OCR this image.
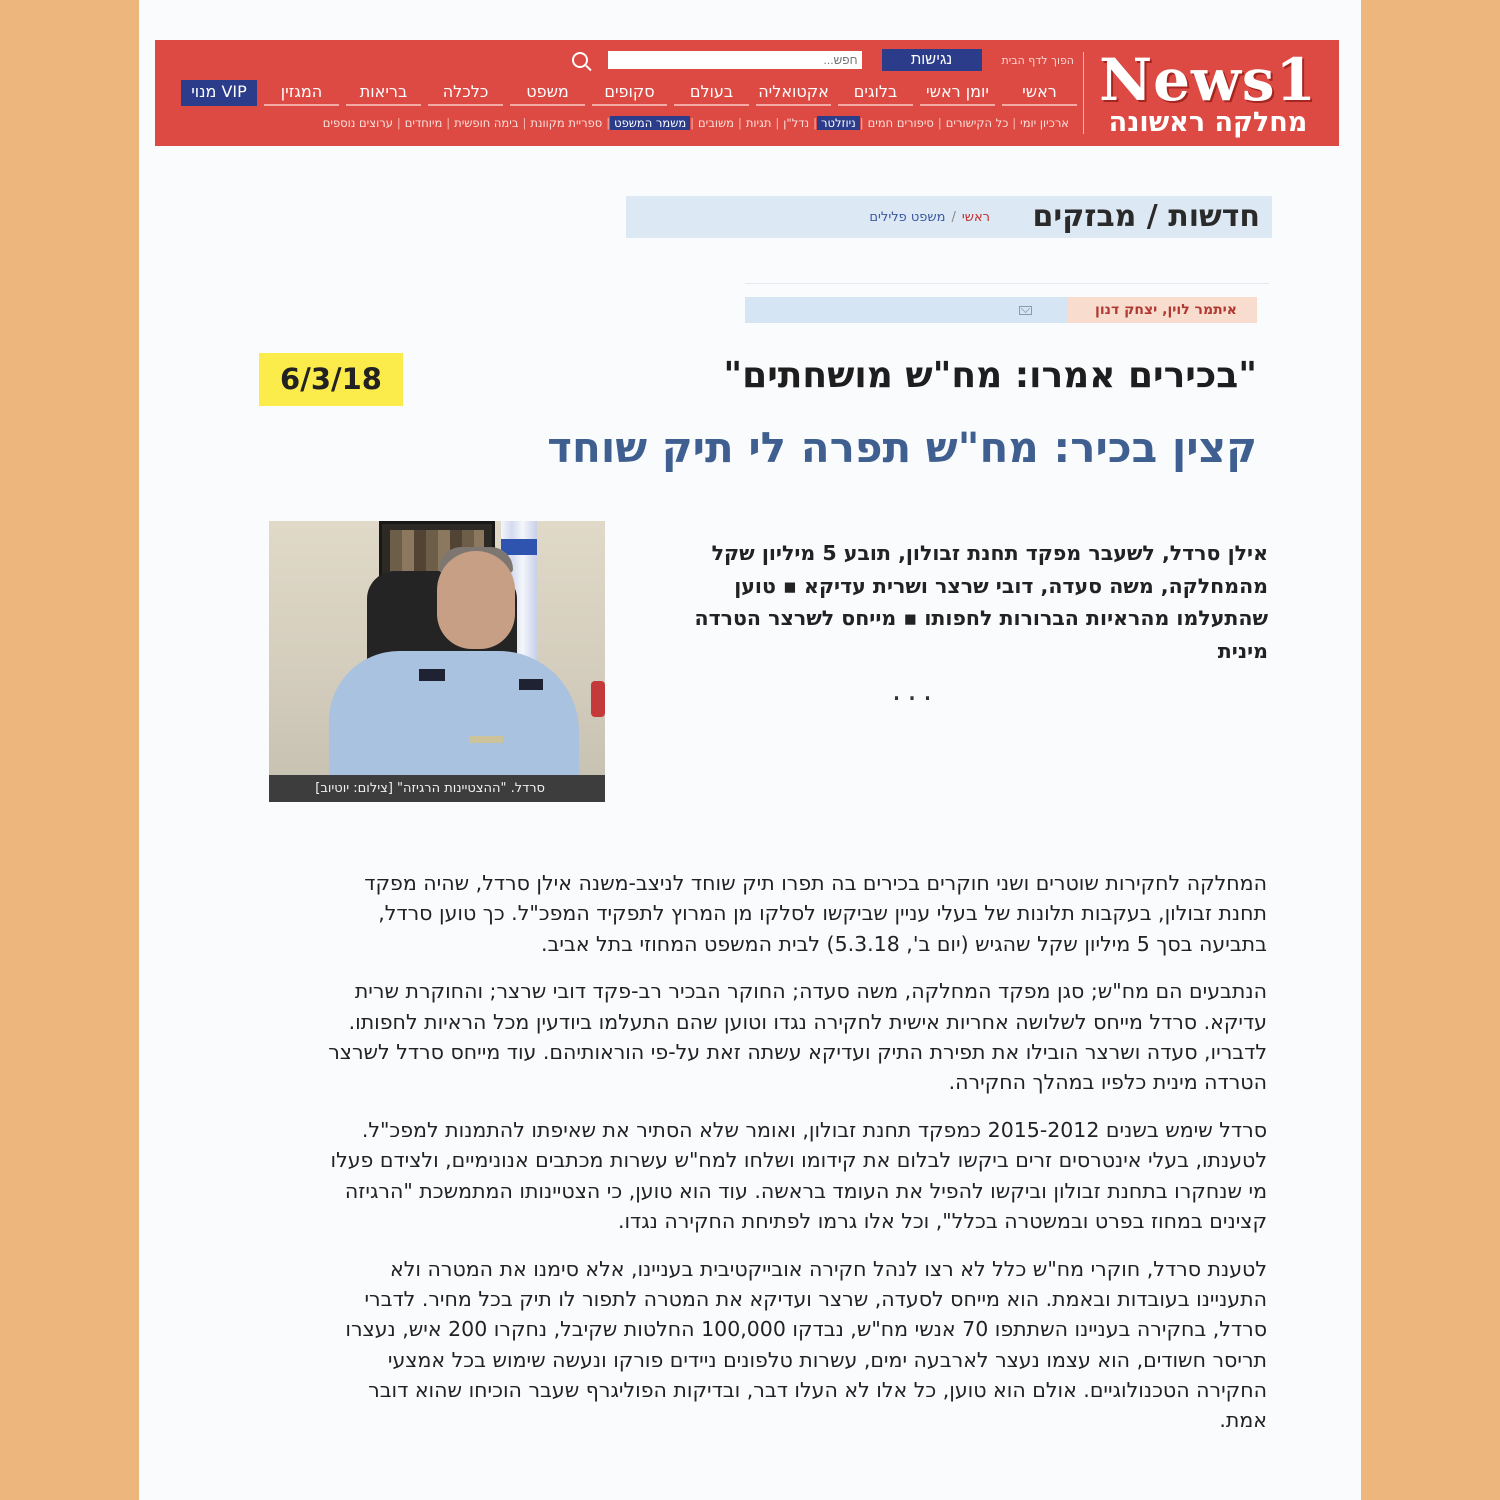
News1
מחלקה ראשונה
הפוך לדף הבית
נגישות
חפש...
ראשי
יומן ראשי
בלוגים
אקטואליה
בעולם
סקופים
משפט
כלכלה
בריאות
המגזין
VIP מנוי
ארכיון יומי
|
כל הקישורים
|
סיפורים חמים
|
ניוזלטר
|
נדל"ן
|
תגיות
|
משובים
|
משמר המשפט
|
ספריית מקוונת
|
בימה חופשית
|
מיוחדים
|
ערוצים נוספים
חדשות / מבזקים
ראשי/משפט פלילים
איתמר לוין, יצחק דנון
6/3/18	"בכירים אמרו: מח"ש מושחתים"
קצין בכיר: מח"ש תפרה לי תיק שוחד
סרדל. "ההצטיינות הרגיזה" [צילום: יוטיוב]
אילן סרדל, לשעבר מפקד תחנת זבולון, תובע 5 מיליון שקל מהמחלקה, משה סעדה, דובי שרצר ושרית עדיקא ▪ טוען שהתעלמו מהראיות הברורות לחפותו ▪ מייחס לשרצר הטרדה מינית
...

המחלקה לחקירות שוטרים ושני חוקרים בכירים בה תפרו תיק שוחד לניצב-משנה אילן סרדל, שהיה מפקד תחנת זבולון, בעקבות תלונות של בעלי עניין שביקשו לסלקו מן המרוץ לתפקיד המפכ"ל. כך טוען סרדל, בתביעה בסך 5 מיליון שקל שהגיש (יום ב', 5.3.18) לבית המשפט המחוזי בתל אביב.

הנתבעים הם מח"ש; סגן מפקד המחלקה, משה סעדה; החוקר הבכיר רב-פקד דובי שרצר; והחוקרת שרית עדיקא. סרדל מייחס לשלושה אחריות אישית לחקירה נגדו וטוען שהם התעלמו ביודעין מכל הראיות לחפותו. לדבריו, סעדה ושרצר הובילו את תפירת התיק ועדיקא עשתה זאת על-פי הוראותיהם. עוד מייחס סרדל לשרצר הטרדה מינית כלפיו במהלך החקירה.

סרדל שימש בשנים 2015-2012 כמפקד תחנת זבולון, ואומר שלא הסתיר את שאיפתו להתמנות למפכ"ל. לטענתו, בעלי אינטרסים זרים ביקשו לבלום את קידומו ושלחו למח"ש עשרות מכתבים אנונימיים, ולצידם פעלו מי שנחקרו בתחנת זבולון וביקשו להפיל את העומד בראשה. עוד הוא טוען, כי הצטיינותו המתמשכת "הרגיזה קצינים במחוז בפרט ובמשטרה בכלל", וכל אלו גרמו לפתיחת החקירה נגדו.

לטענת סרדל, חוקרי מח"ש כלל לא רצו לנהל חקירה אובייקטיבית בעניינו, אלא סימנו את המטרה ולא התעניינו בעובדות ובאמת. הוא מייחס לסעדה, שרצר ועדיקא את המטרה לתפור לו תיק בכל מחיר. לדברי סרדל, בחקירה בעניינו השתתפו 70 אנשי מח"ש, נבדקו 100,000 החלטות שקיבל, נחקרו 200 איש, נעצרו תריסר חשודים, הוא עצמו נעצר לארבעה ימים, עשרות טלפונים ניידים פורקו ונעשה שימוש בכל אמצעי החקירה הטכנולוגיים. אולם הוא טוען, כל אלו לא העלו דבר, ובדיקות הפוליגרף שעבר הוכיחו שהוא דובר אמת.
